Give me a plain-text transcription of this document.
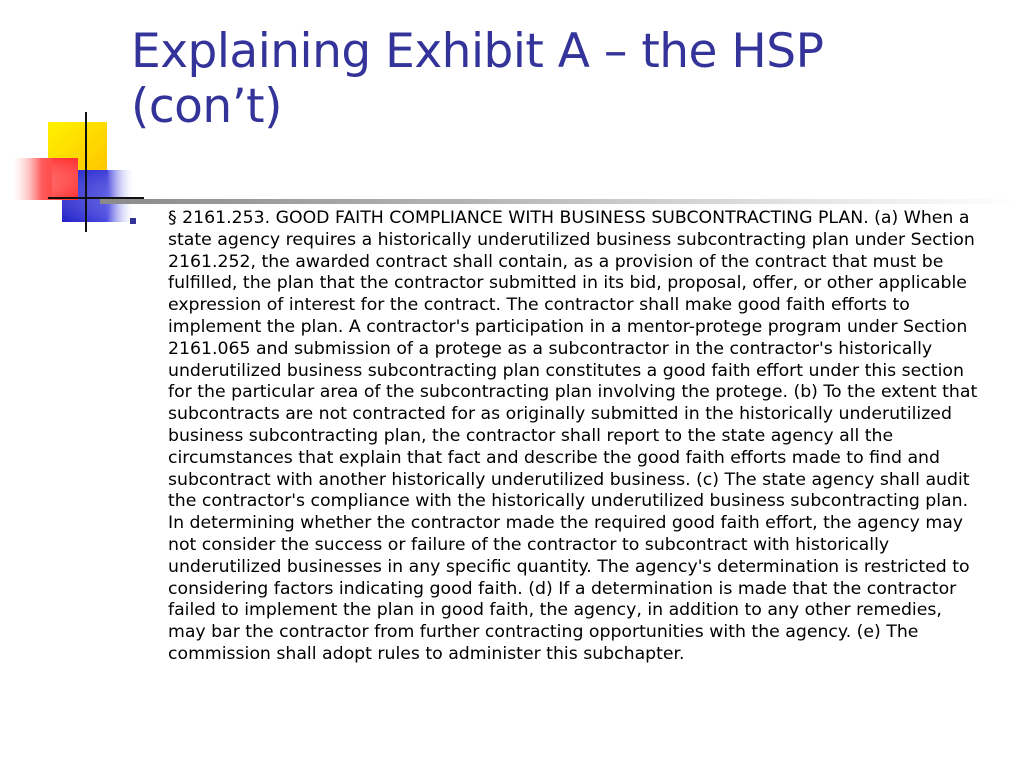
Explaining Exhibit A – the HSP
(con’t)

§ 2161.253. GOOD FAITH COMPLIANCE WITH BUSINESS SUBCONTRACTING PLAN. (a) When a state agency requires a historically underutilized business subcontracting plan under Section 2161.252, the awarded contract shall contain, as a provision of the contract that must be fulfilled, the plan that the contractor submitted in its bid, proposal, offer, or other applicable expression of interest for the contract. The contractor shall make good faith efforts to implement the plan. A contractor's participation in a mentor-protege program under Section 2161.065 and submission of a protege as a subcontractor in the contractor's historically underutilized business subcontracting plan constitutes a good faith effort under this section for the particular area of the subcontracting plan involving the protege. (b) To the extent that subcontracts are not contracted for as originally submitted in the historically underutilized business subcontracting plan, the contractor shall report to the state agency all the circumstances that explain that fact and describe the good faith efforts made to find and subcontract with another historically underutilized business. (c) The state agency shall audit the contractor's compliance with the historically underutilized business subcontracting plan. In determining whether the contractor made the required good faith effort, the agency may not consider the success or failure of the contractor to subcontract with historically underutilized businesses in any specific quantity. The agency's determination is restricted to considering factors indicating good faith. (d) If a determination is made that the contractor failed to implement the plan in good faith, the agency, in addition to any other remedies, may bar the contractor from further contracting opportunities with the agency. (e) The commission shall adopt rules to administer this subchapter.
